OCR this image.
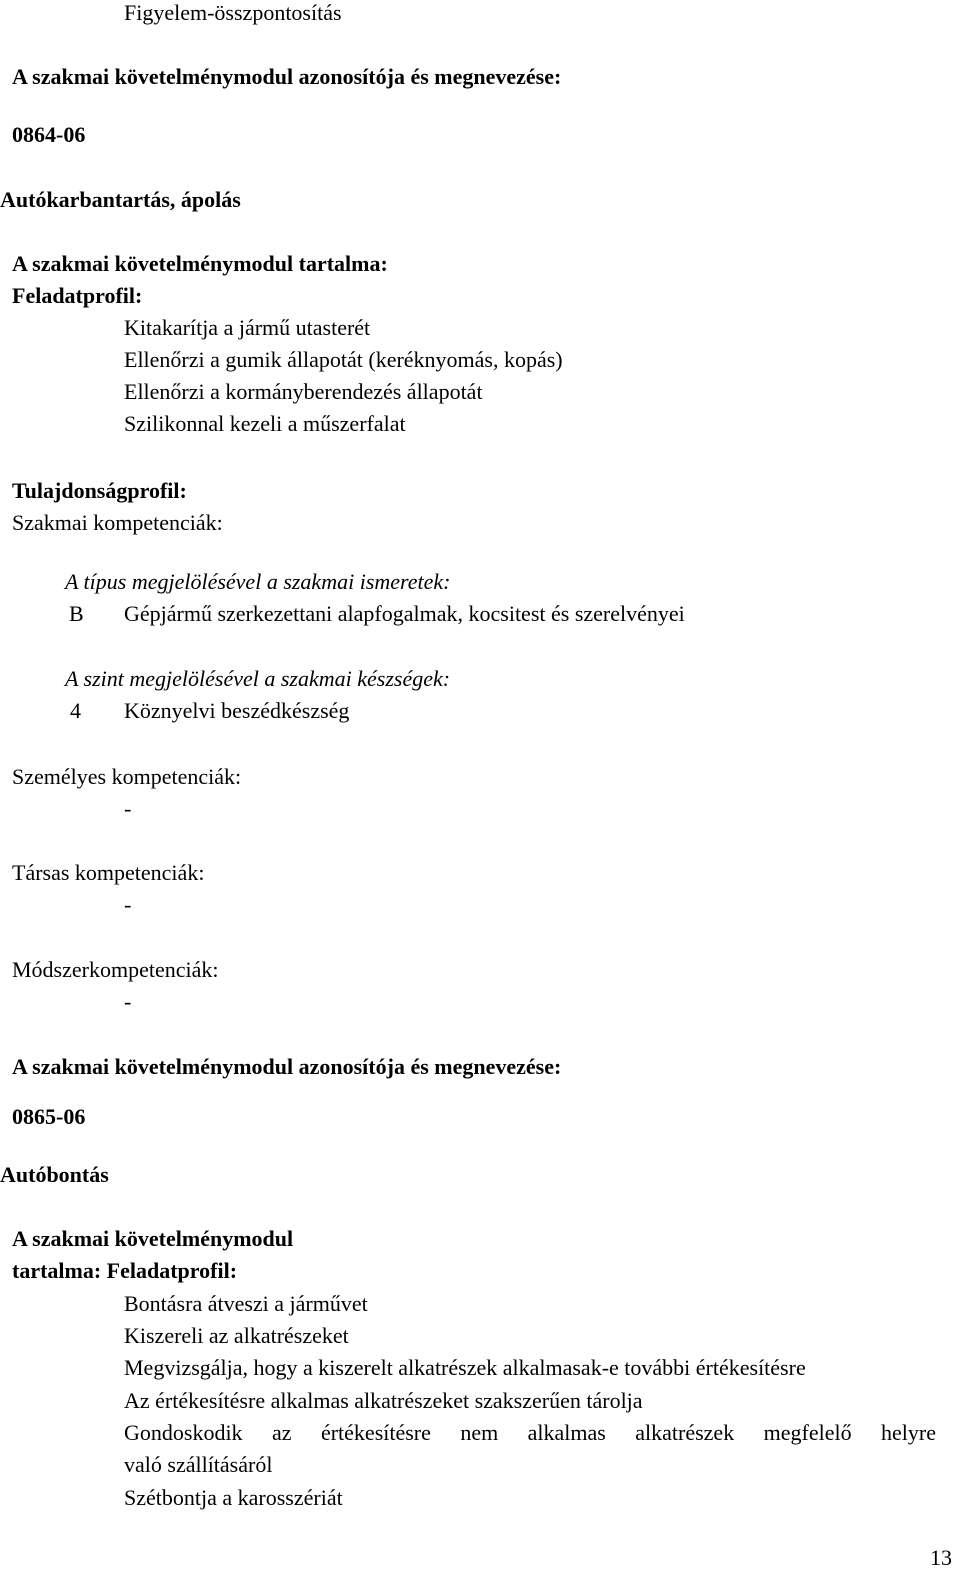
Figyelem-összpontosítás
A szakmai követelménymodul azonosítója és megnevezése:
0864-06
Autókarbantartás, ápolás
A szakmai követelménymodul tartalma:
Feladatprofil:
Kitakarítja a jármű utasterét
Ellenőrzi a gumik állapotát (keréknyomás, kopás)
Ellenőrzi a kormányberendezés állapotát
Szilikonnal kezeli a műszerfalat
Tulajdonságprofil:
Szakmai kompetenciák:
A típus megjelölésével a szakmai ismeretek:
B Gépjármű szerkezettani alapfogalmak, kocsitest és szerelvényei
A szint megjelölésével a szakmai készségek:
4 Köznyelvi beszédkészség
Személyes kompetenciák:
-
Társas kompetenciák:
-
Módszerkompetenciák:
-
A szakmai követelménymodul azonosítója és megnevezése:
0865-06
Autóbontás
A szakmai követelménymodul
tartalma: Feladatprofil:
Bontásra átveszi a járművet
Kiszereli az alkatrészeket
Megvizsgálja, hogy a kiszerelt alkatrészek alkalmasak-e további értékesítésre
Az értékesítésre alkalmas alkatrészeket szakszerűen tárolja
Gondoskodik az értékesítésre nem alkalmas alkatrészek megfelelő helyre
való szállításáról
Szétbontja a karosszériát
13
